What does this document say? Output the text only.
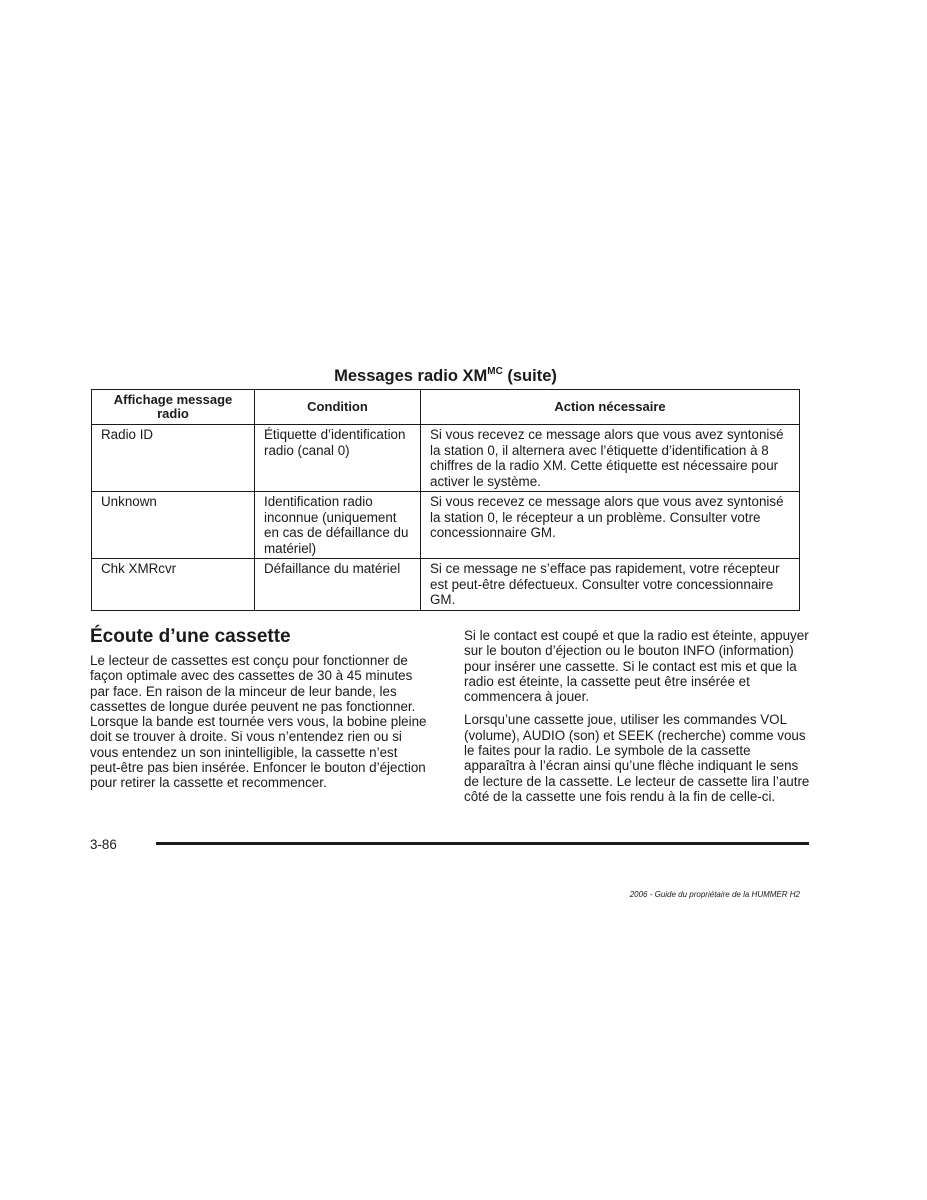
Messages radio $XM^{MC}$ (suite)
Affichage message radio	Condition	Action nécessaire
Radio ID	Étiquette d’identification radio (canal 0)	Si vous recevez ce message alors que vous avez syntonisé la station 0, il alternera avec l’étiquette d’identification à 8 chiffres de la radio XM. Cette étiquette est nécessaire pour activer le système.
Unknown	Identification radio inconnue (uniquement en cas de défaillance du matériel)	Si vous recevez ce message alors que vous avez syntonisé la station 0, le récepteur a un problème. Consulter votre concessionnaire GM.
Chk XMRcvr	Défaillance du matériel	Si ce message ne s’efface pas rapidement, votre récepteur est peut-être défectueux. Consulter votre concessionnaire GM.
Écoute d’une cassette

Le lecteur de cassettes est conçu pour fonctionner de façon optimale avec des cassettes de 30 à 45 minutes par face. En raison de la minceur de leur bande, les cassettes de longue durée peuvent ne pas fonctionner. Lorsque la bande est tournée vers vous, la bobine pleine doit se trouver à droite. Si vous n’entendez rien ou si vous entendez un son inintelligible, la cassette n’est peut-être pas bien insérée. Enfoncer le bouton d’éjection pour retirer la cassette et recommencer.

Si le contact est coupé et que la radio est éteinte, appuyer sur le bouton d’éjection ou le bouton INFO (information) pour insérer une cassette. Si le contact est mis et que la radio est éteinte, la cassette peut être insérée et commencera à jouer.

Lorsqu’une cassette joue, utiliser les commandes VOL (volume), AUDIO (son) et SEEK (recherche) comme vous le faites pour la radio. Le symbole de la cassette apparaîtra à l’écran ainsi qu’une flèche indiquant le sens de lecture de la cassette. Le lecteur de cassette lira l’autre côté de la cassette une fois rendu à la fin de celle-ci.

3-86
2006 - Guide du propriétaire de la HUMMER H2
